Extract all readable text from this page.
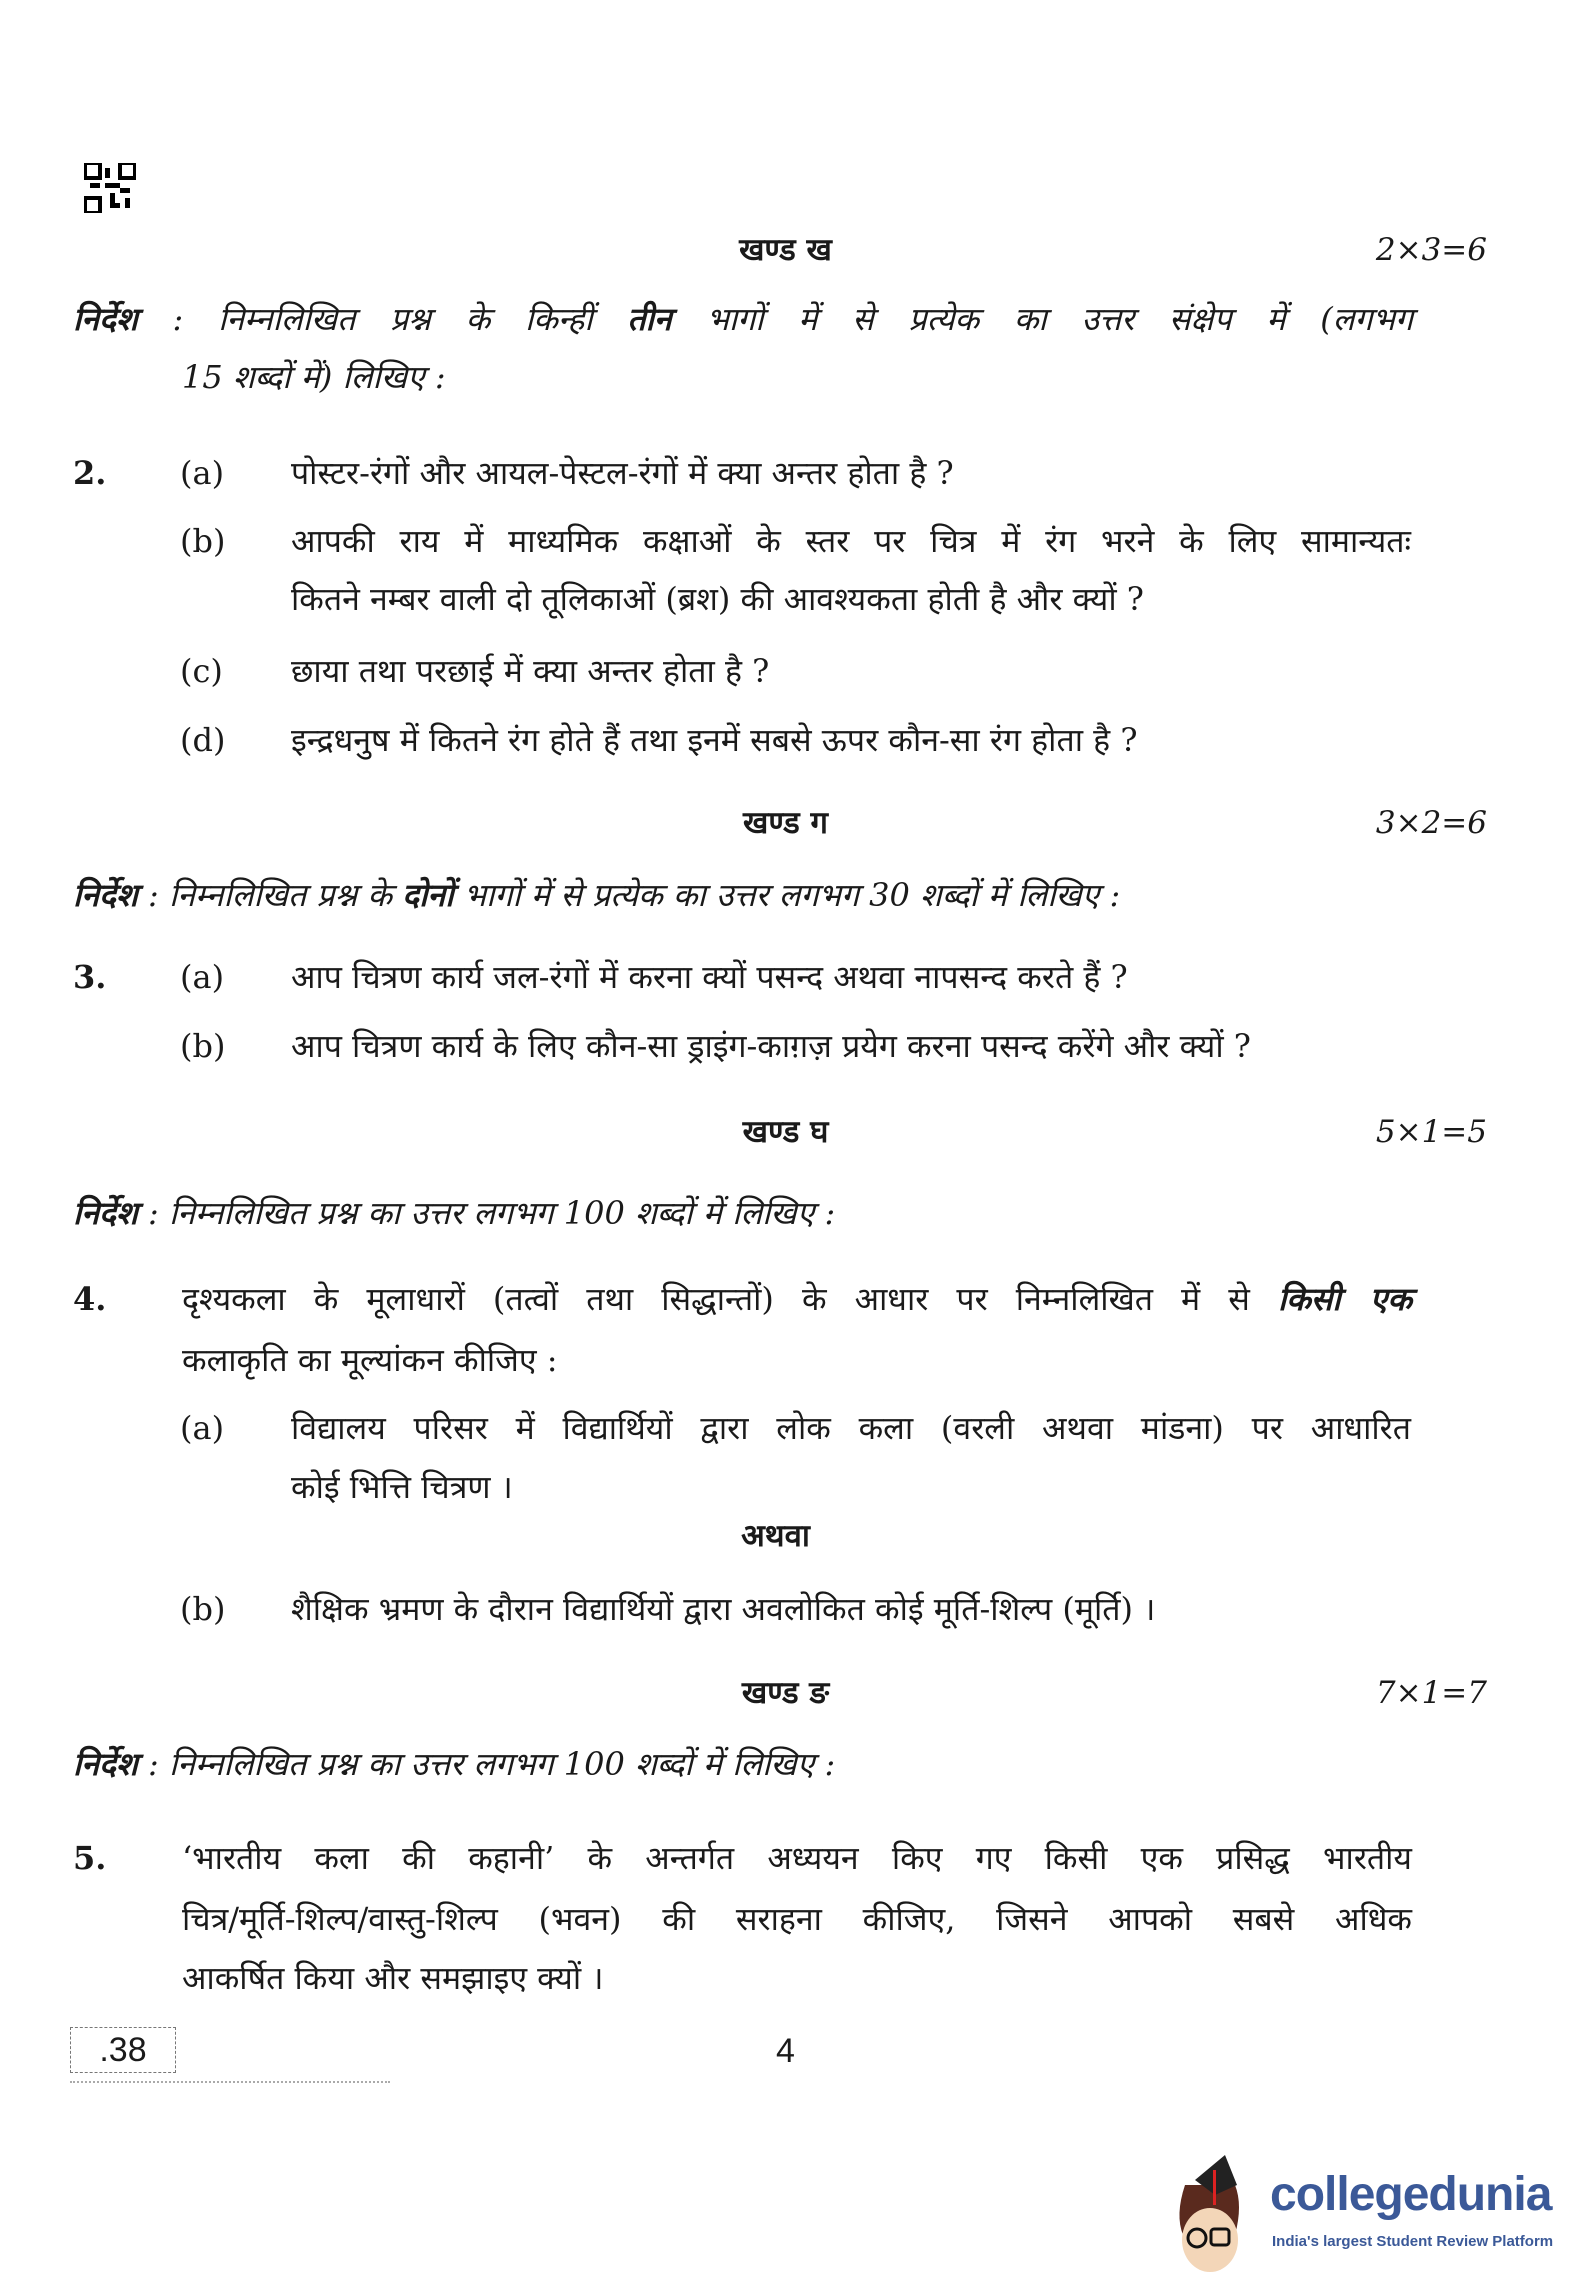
खण्ड ख	2×3=6
निर्देश : निम्नलिखित प्रश्न के किन्हीं तीन भागों में से प्रत्येक का उत्तर संक्षेप में (लगभग
15 शब्दों में) लिखिए :
2. (a) पोस्टर-रंगों और आयल-पेस्टल-रंगों में क्या अन्तर होता है ?
(b) आपकी राय में माध्यमिक कक्षाओं के स्तर पर चित्र में रंग भरने के लिए सामान्यतः
कितने नम्बर वाली दो तूलिकाओं (ब्रश) की आवश्यकता होती है और क्यों ?
(c) छाया तथा परछाई में क्या अन्तर होता है ?
(d) इन्द्रधनुष में कितने रंग होते हैं तथा इनमें सबसे ऊपर कौन-सा रंग होता है ?
खण्ड ग	3×2=6
निर्देश : निम्नलिखित प्रश्न के दोनों भागों में से प्रत्येक का उत्तर लगभग 30 शब्दों में लिखिए :
3. (a) आप चित्रण कार्य जल-रंगों में करना क्यों पसन्द अथवा नापसन्द करते हैं ?
(b) आप चित्रण कार्य के लिए कौन-सा ड्राइंग-काग़ज़ प्रयेग करना पसन्द करेंगे और क्यों ?
खण्ड घ	5×1=5
निर्देश : निम्नलिखित प्रश्न का उत्तर लगभग 100 शब्दों में लिखिए :
4. दृश्यकला के मूलाधारों (तत्वों तथा सिद्धान्तों) के आधार पर निम्नलिखित में से किसी एक
कलाकृति का मूल्यांकन कीजिए :
(a) विद्यालय परिसर में विद्यार्थियों द्वारा लोक कला (वरली अथवा मांडना) पर आधारित
कोई भित्ति चित्रण ।
अथवा
(b) शैक्षिक भ्रमण के दौरान विद्यार्थियों द्वारा अवलोकित कोई मूर्ति-शिल्प (मूर्ति) ।
खण्ड ङ	7×1=7
निर्देश : निम्नलिखित प्रश्न का उत्तर लगभग 100 शब्दों में लिखिए :
5. ‘भारतीय कला की कहानी’ के अन्तर्गत अध्ययन किए गए किसी एक प्रसिद्ध भारतीय
चित्र/मूर्ति-शिल्प/वास्तु-शिल्प (भवन) की सराहना कीजिए, जिसने आपको सबसे अधिक
आकर्षित किया और समझाइए क्यों ।
.38	4
collegedunia
India's largest Student Review Platform
